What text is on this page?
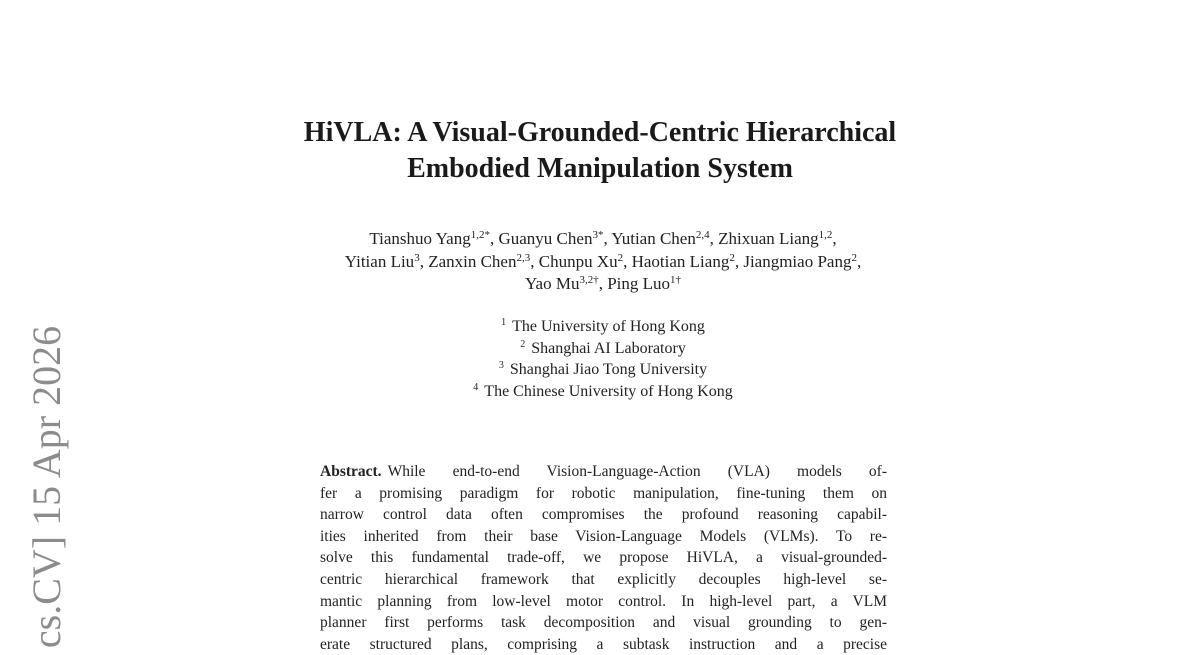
cs.CV] 15 Apr 2026
HiVLA: A Visual-Grounded-Centric Hierarchical
Embodied Manipulation System
Tianshuo Yang$^{1,2*}$, Guanyu Chen$^{3*}$, Yutian Chen$^{2,4}$, Zhixuan Liang$^{1,2}$,
Yitian Liu$^3$, Zanxin Chen$^{2,3}$, Chunpu Xu$^2$, Haotian Liang$^2$, Jiangmiao Pang$^2$,
Yao $Mu^{3,2\dagger}$, Ping Luo$^{1\dagger}$
$^1$ The University of Hong Kong
$^2$ Shanghai AI Laboratory
$^3$ Shanghai Jiao Tong University
$^4$ The Chinese University of Hong Kong
Abstract. While end-to-end Vision-Language-Action (VLA) models of-
fer a promising paradigm for robotic manipulation, fine-tuning them on
narrow control data often compromises the profound reasoning capabil-
ities inherited from their base Vision-Language Models (VLMs). To re-
solve this fundamental trade-off, we propose HiVLA, a visual-grounded-
centric hierarchical framework that explicitly decouples high-level se-
mantic planning from low-level motor control. In high-level part, a VLM
planner first performs task decomposition and visual grounding to gen-
erate structured plans, comprising a subtask instruction and a precise
